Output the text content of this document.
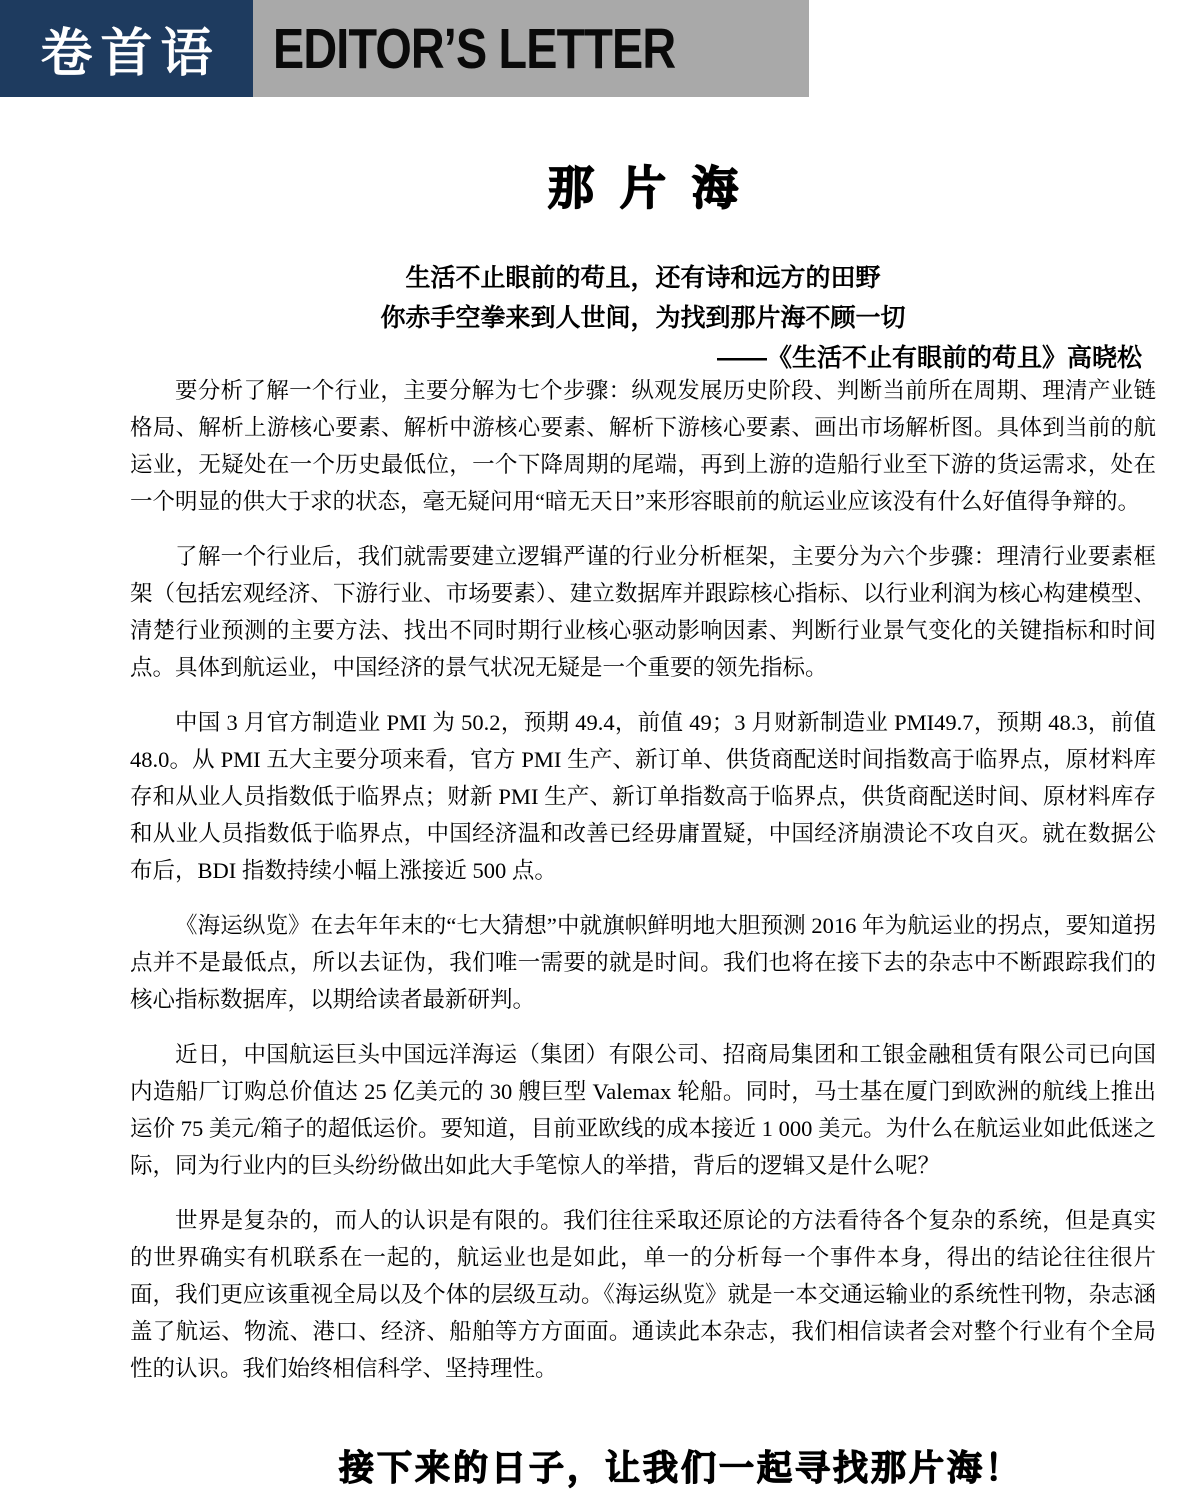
卷首语 EDITOR’S LETTER
那片海
生活不止眼前的苟且，还有诗和远方的田野
你赤手空拳来到人世间，为找到那片海不顾一切
——《生活不止有眼前的苟且》高晓松

要分析了解一个行业，主要分解为七个步骤：纵观发展历史阶段、判断当前所在周期、理清产业链格局、解析上游核心要素、解析中游核心要素、解析下游核心要素、画出市场解析图。具体到当前的航运业，无疑处在一个历史最低位，一个下降周期的尾端，再到上游的造船行业至下游的货运需求，处在一个明显的供大于求的状态，毫无疑问用“暗无天日”来形容眼前的航运业应该没有什么好值得争辩的。

了解一个行业后，我们就需要建立逻辑严谨的行业分析框架，主要分为六个步骤：理清行业要素框架（包括宏观经济、下游行业、市场要素）、建立数据库并跟踪核心指标、以行业利润为核心构建模型、清楚行业预测的主要方法、找出不同时期行业核心驱动影响因素、判断行业景气变化的关键指标和时间点。具体到航运业，中国经济的景气状况无疑是一个重要的领先指标。

中国 3 月官方制造业 PMI 为 50.2，预期 49.4，前值 49；3 月财新制造业 PMI49.7，预期 48.3，前值 48.0。从 PMI 五大主要分项来看，官方 PMI 生产、新订单、供货商配送时间指数高于临界点，原材料库存和从业人员指数低于临界点；财新 PMI 生产、新订单指数高于临界点，供货商配送时间、原材料库存和从业人员指数低于临界点，中国经济温和改善已经毋庸置疑，中国经济崩溃论不攻自灭。就在数据公布后，BDI 指数持续小幅上涨接近 500 点。

《海运纵览》在去年年末的“七大猜想”中就旗帜鲜明地大胆预测 2016 年为航运业的拐点，要知道拐点并不是最低点，所以去证伪，我们唯一需要的就是时间。我们也将在接下去的杂志中不断跟踪我们的核心指标数据库，以期给读者最新研判。

近日，中国航运巨头中国远洋海运（集团）有限公司、招商局集团和工银金融租赁有限公司已向国内造船厂订购总价值达 25 亿美元的 30 艘巨型 Valemax 轮船。同时，马士基在厦门到欧洲的航线上推出运价 75 美元/箱子的超低运价。要知道，目前亚欧线的成本接近 1 000 美元。为什么在航运业如此低迷之际，同为行业内的巨头纷纷做出如此大手笔惊人的举措，背后的逻辑又是什么呢？

世界是复杂的，而人的认识是有限的。我们往往采取还原论的方法看待各个复杂的系统，但是真实的世界确实有机联系在一起的，航运业也是如此，单一的分析每一个事件本身，得出的结论往往很片面，我们更应该重视全局以及个体的层级互动。《海运纵览》就是一本交通运输业的系统性刊物，杂志涵盖了航运、物流、港口、经济、船舶等方方面面。通读此本杂志，我们相信读者会对整个行业有个全局性的认识。我们始终相信科学、坚持理性。

接下来的日子，让我们一起寻找那片海！
